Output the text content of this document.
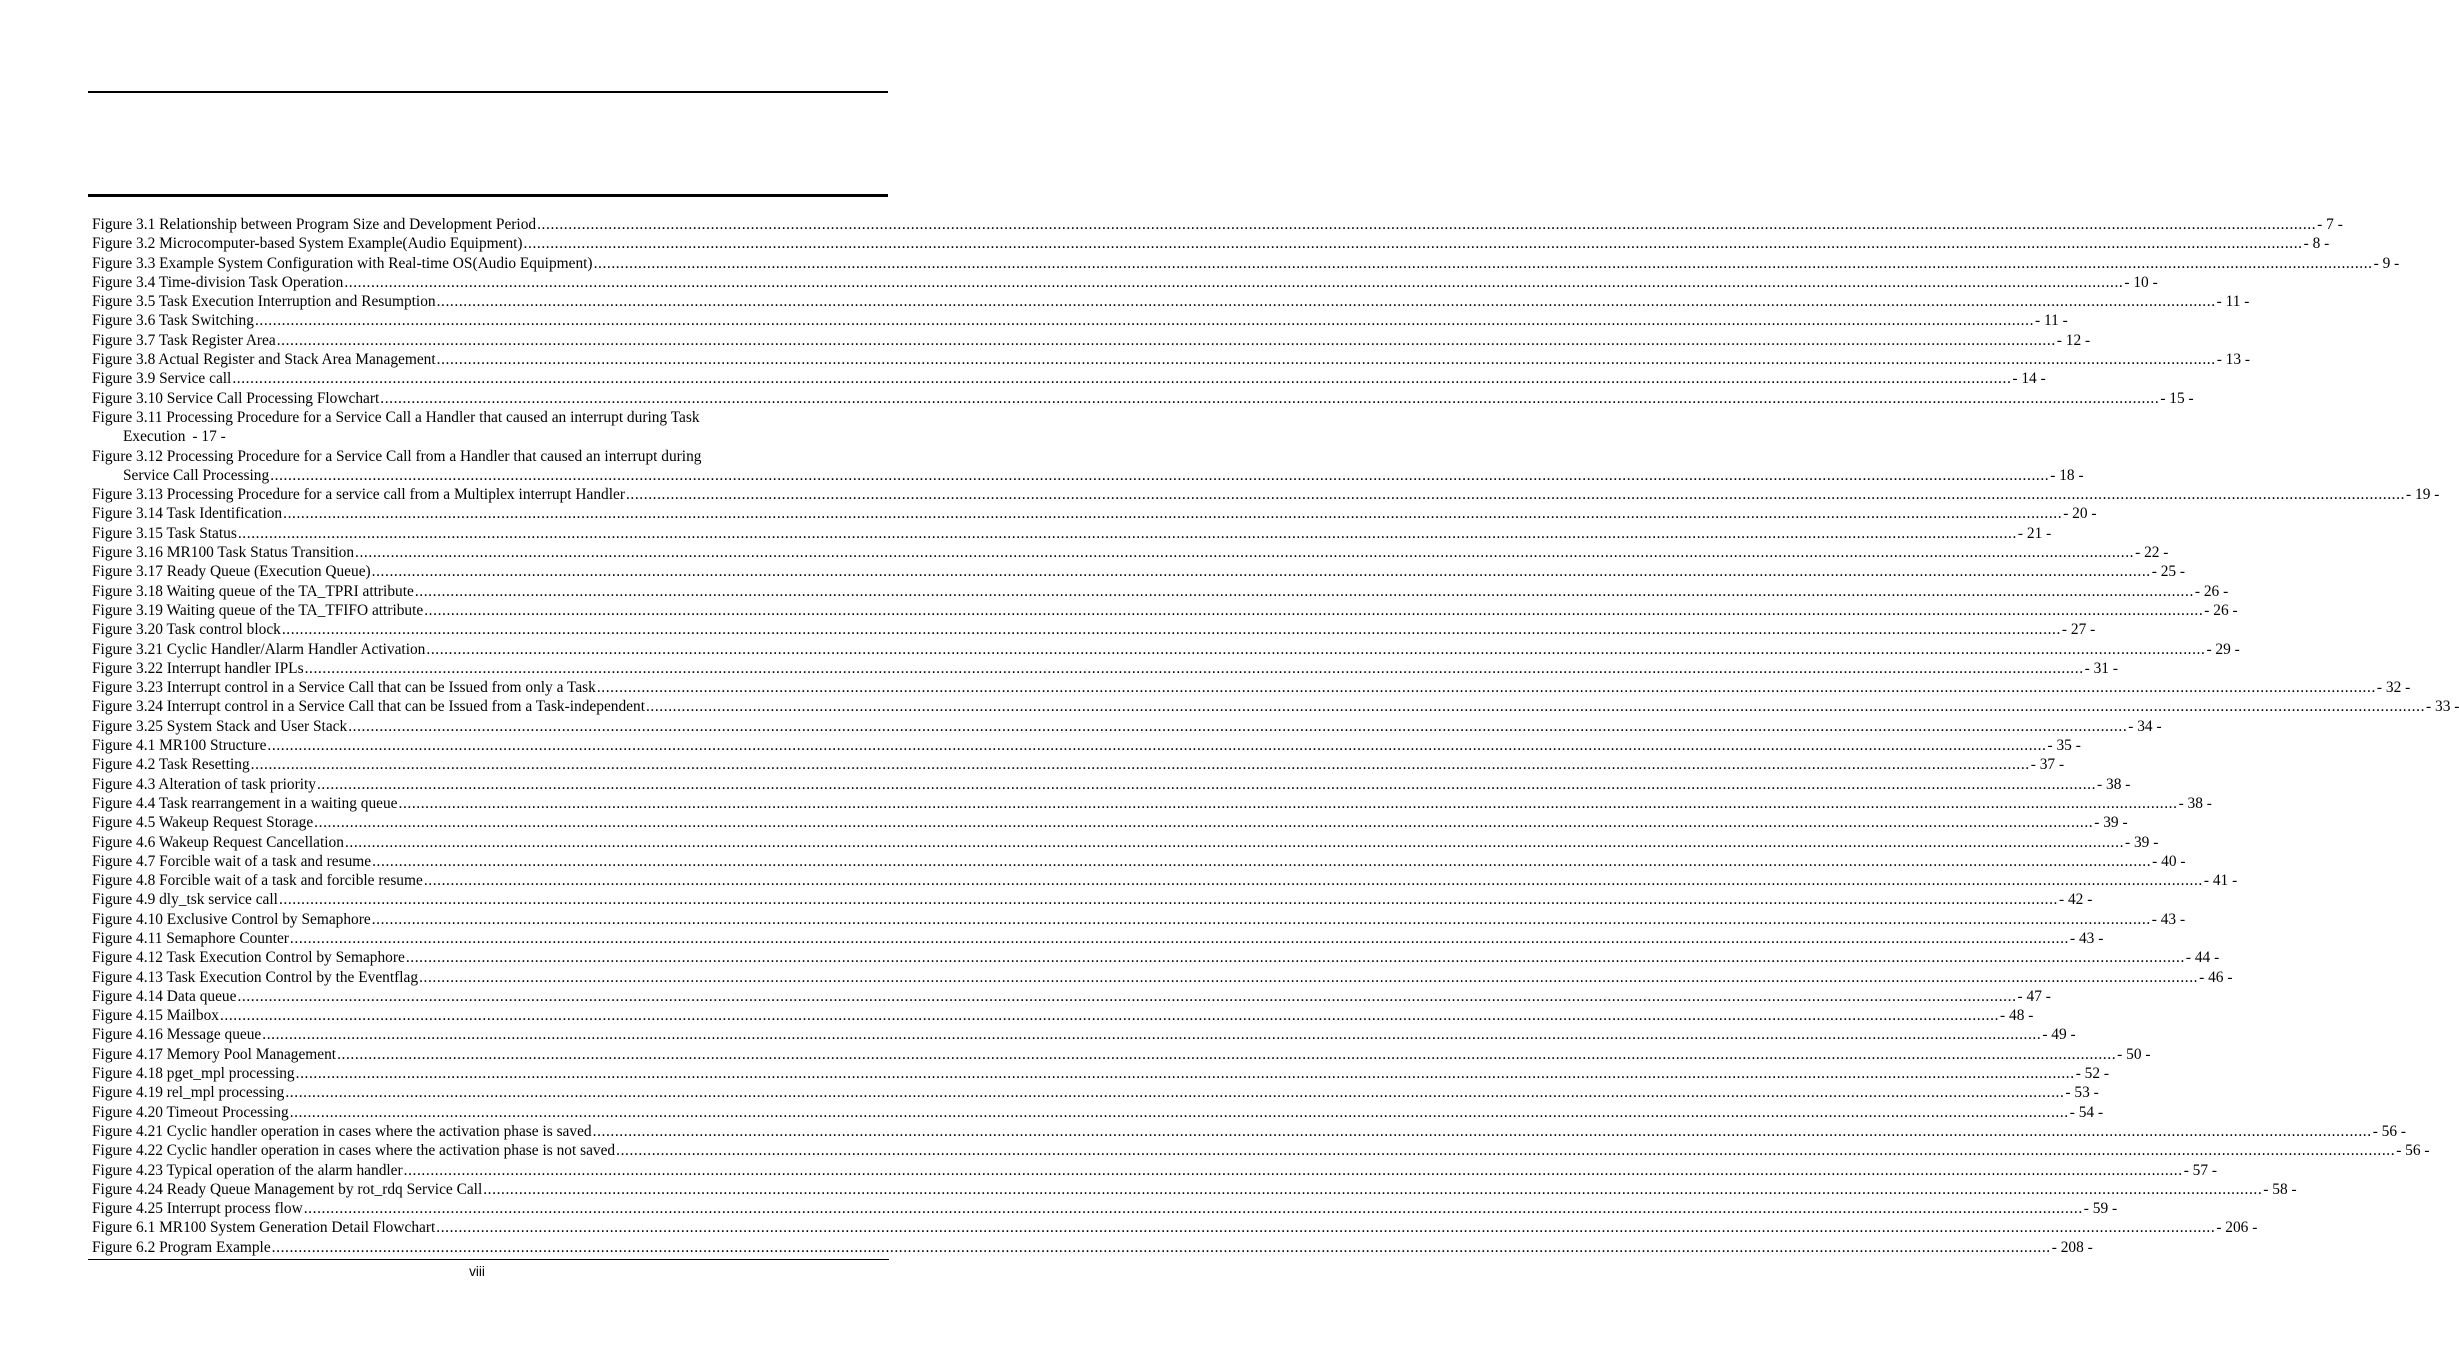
Figure 3.1 Relationship between Program Size and Development Period ................................................................................................................................................................................................................................................................................................................................................................................................................ - 7 -
Figure 3.2 Microcomputer-based System Example(Audio Equipment) ................................................................................................................................................................................................................................................................................................................................................................................................................ - 8 -
Figure 3.3 Example System Configuration with Real-time OS(Audio Equipment) ................................................................................................................................................................................................................................................................................................................................................................................................................ - 9 -
Figure 3.4 Time-division Task Operation ................................................................................................................................................................................................................................................................................................................................................................................................................ - 10 -
Figure 3.5 Task Execution Interruption and Resumption ................................................................................................................................................................................................................................................................................................................................................................................................................ - 11 -
Figure 3.6 Task Switching ................................................................................................................................................................................................................................................................................................................................................................................................................ - 11 -
Figure 3.7 Task Register Area ................................................................................................................................................................................................................................................................................................................................................................................................................ - 12 -
Figure 3.8 Actual Register and Stack Area Management ................................................................................................................................................................................................................................................................................................................................................................................................................ - 13 -
Figure 3.9 Service call ................................................................................................................................................................................................................................................................................................................................................................................................................ - 14 -
Figure 3.10 Service Call Processing Flowchart ................................................................................................................................................................................................................................................................................................................................................................................................................ - 15 -
Figure 3.11 Processing Procedure for a Service Call a Handler that caused an interrupt during Task
Execution - 17 -
Figure 3.12 Processing Procedure for a Service Call from a Handler that caused an interrupt during
Service Call Processing ................................................................................................................................................................................................................................................................................................................................................................................................................ - 18 -
Figure 3.13 Processing Procedure for a service call from a Multiplex interrupt Handler ................................................................................................................................................................................................................................................................................................................................................................................................................ - 19 -
Figure 3.14 Task Identification ................................................................................................................................................................................................................................................................................................................................................................................................................ - 20 -
Figure 3.15 Task Status ................................................................................................................................................................................................................................................................................................................................................................................................................ - 21 -
Figure 3.16 MR100 Task Status Transition ................................................................................................................................................................................................................................................................................................................................................................................................................ - 22 -
Figure 3.17 Ready Queue (Execution Queue) ................................................................................................................................................................................................................................................................................................................................................................................................................ - 25 -
Figure 3.18 Waiting queue of the TA_TPRI attribute ................................................................................................................................................................................................................................................................................................................................................................................................................ - 26 -
Figure 3.19 Waiting queue of the TA_TFIFO attribute ................................................................................................................................................................................................................................................................................................................................................................................................................ - 26 -
Figure 3.20 Task control block ................................................................................................................................................................................................................................................................................................................................................................................................................ - 27 -
Figure 3.21 Cyclic Handler/Alarm Handler Activation ................................................................................................................................................................................................................................................................................................................................................................................................................ - 29 -
Figure 3.22 Interrupt handler IPLs ................................................................................................................................................................................................................................................................................................................................................................................................................ - 31 -
Figure 3.23 Interrupt control in a Service Call that can be Issued from only a Task ................................................................................................................................................................................................................................................................................................................................................................................................................ - 32 -
Figure 3.24 Interrupt control in a Service Call that can be Issued from a Task-independent ................................................................................................................................................................................................................................................................................................................................................................................................................ - 33 -
Figure 3.25 System Stack and User Stack ................................................................................................................................................................................................................................................................................................................................................................................................................ - 34 -
Figure 4.1 MR100 Structure ................................................................................................................................................................................................................................................................................................................................................................................................................ - 35 -
Figure 4.2 Task Resetting ................................................................................................................................................................................................................................................................................................................................................................................................................ - 37 -
Figure 4.3 Alteration of task priority ................................................................................................................................................................................................................................................................................................................................................................................................................ - 38 -
Figure 4.4 Task rearrangement in a waiting queue ................................................................................................................................................................................................................................................................................................................................................................................................................ - 38 -
Figure 4.5 Wakeup Request Storage ................................................................................................................................................................................................................................................................................................................................................................................................................ - 39 -
Figure 4.6 Wakeup Request Cancellation ................................................................................................................................................................................................................................................................................................................................................................................................................ - 39 -
Figure 4.7 Forcible wait of a task and resume ................................................................................................................................................................................................................................................................................................................................................................................................................ - 40 -
Figure 4.8 Forcible wait of a task and forcible resume ................................................................................................................................................................................................................................................................................................................................................................................................................ - 41 -
Figure 4.9 dly_tsk service call ................................................................................................................................................................................................................................................................................................................................................................................................................ - 42 -
Figure 4.10 Exclusive Control by Semaphore ................................................................................................................................................................................................................................................................................................................................................................................................................ - 43 -
Figure 4.11 Semaphore Counter ................................................................................................................................................................................................................................................................................................................................................................................................................ - 43 -
Figure 4.12 Task Execution Control by Semaphore ................................................................................................................................................................................................................................................................................................................................................................................................................ - 44 -
Figure 4.13 Task Execution Control by the Eventflag ................................................................................................................................................................................................................................................................................................................................................................................................................ - 46 -
Figure 4.14 Data queue ................................................................................................................................................................................................................................................................................................................................................................................................................ - 47 -
Figure 4.15 Mailbox ................................................................................................................................................................................................................................................................................................................................................................................................................ - 48 -
Figure 4.16 Message queue ................................................................................................................................................................................................................................................................................................................................................................................................................ - 49 -
Figure 4.17 Memory Pool Management ................................................................................................................................................................................................................................................................................................................................................................................................................ - 50 -
Figure 4.18 pget_mpl processing ................................................................................................................................................................................................................................................................................................................................................................................................................ - 52 -
Figure 4.19 rel_mpl processing ................................................................................................................................................................................................................................................................................................................................................................................................................ - 53 -
Figure 4.20 Timeout Processing ................................................................................................................................................................................................................................................................................................................................................................................................................ - 54 -
Figure 4.21 Cyclic handler operation in cases where the activation phase is saved ................................................................................................................................................................................................................................................................................................................................................................................................................ - 56 -
Figure 4.22 Cyclic handler operation in cases where the activation phase is not saved ................................................................................................................................................................................................................................................................................................................................................................................................................ - 56 -
Figure 4.23 Typical operation of the alarm handler ................................................................................................................................................................................................................................................................................................................................................................................................................ - 57 -
Figure 4.24 Ready Queue Management by rot_rdq Service Call ................................................................................................................................................................................................................................................................................................................................................................................................................ - 58 -
Figure 4.25 Interrupt process flow ................................................................................................................................................................................................................................................................................................................................................................................................................ - 59 -
Figure 6.1 MR100 System Generation Detail Flowchart ................................................................................................................................................................................................................................................................................................................................................................................................................ - 206 -
Figure 6.2 Program Example ................................................................................................................................................................................................................................................................................................................................................................................................................ - 208 -
viii
